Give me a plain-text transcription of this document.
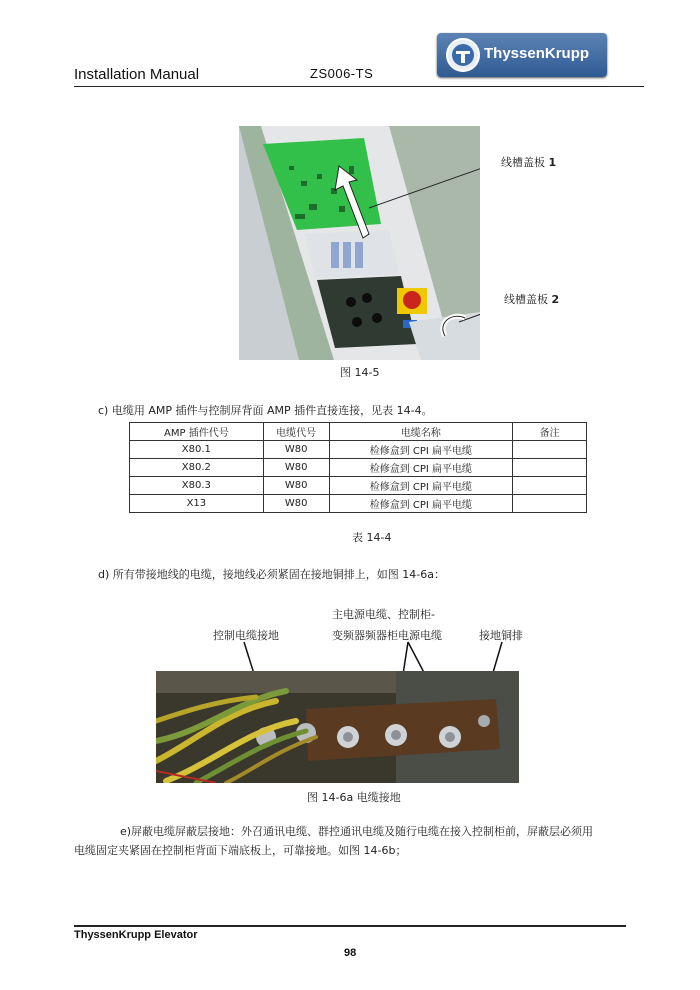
Installation Manual	ZS006-TS
ThyssenKrupp
线槽盖板 1
线槽盖板 2
图 14-5
c) 电缆用 AMP 插件与控制屏背面 AMP 插件直接连接，见表 14-4。
AMP 插件代号	电缆代号	电缆名称	备注
X80.1	W80	检修盒到 CPI 扁平电缆	
X80.2	W80	检修盒到 CPI 扁平电缆	
X80.3	W80	检修盒到 CPI 扁平电缆	
X13	W80	检修盒到 CPI 扁平电缆	
表 14-4
d) 所有带接地线的电缆，接地线必须紧固在接地铜排上，如图 14-6a：
主电源电缆、控制柜-
控制电缆接地	变频器频器柜电源电缆	接地铜排
图 14-6a 电缆接地
e)屏蔽电缆屏蔽层接地：外召通讯电缆、群控通讯电缆及随行电缆在接入控制柜前，屏蔽层必须用
电缆固定夹紧固在控制柜背面下端底板上，可靠接地。如图 14-6b；
ThyssenKrupp Elevator
98
